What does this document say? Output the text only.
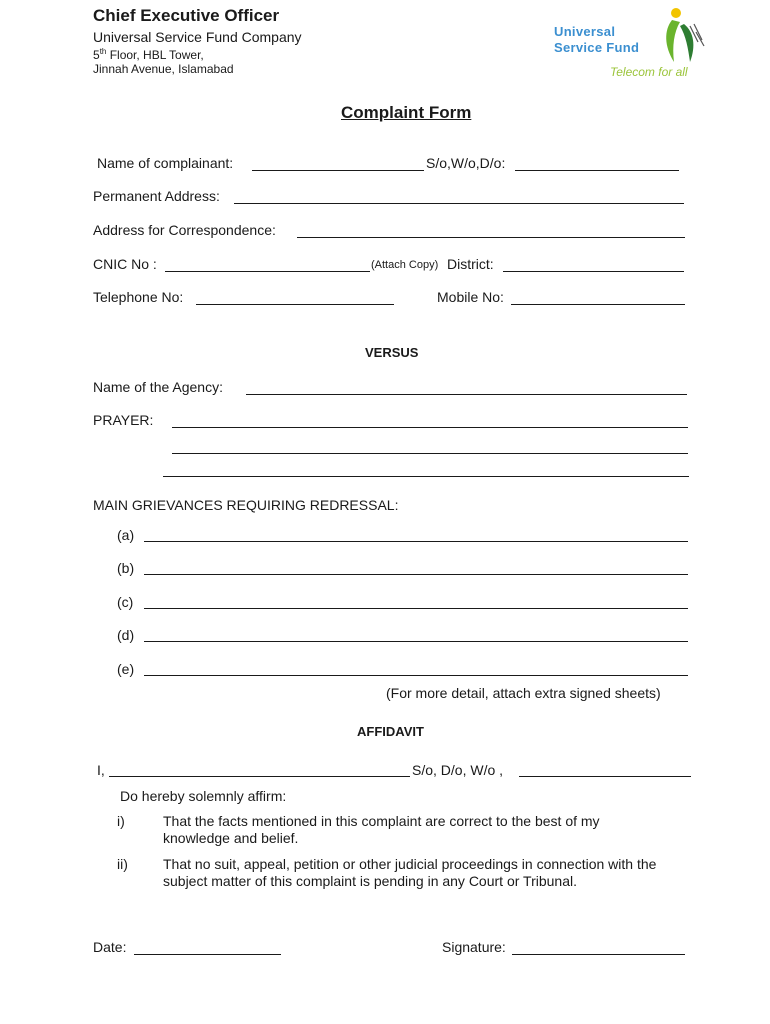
Chief Executive Officer
Universal Service Fund Company
5th Floor, HBL Tower,
Jinnah Avenue, Islamabad
Universal
Service Fund
Telecom for all
Complaint Form
Name of complainant:	S/o,W/o,D/o:
Permanent Address:
Address for Correspondence:
CNIC No :	(Attach Copy) District:
Telephone No:	Mobile No:
VERSUS
Name of the Agency:
PRAYER:
MAIN GRIEVANCES REQUIRING REDRESSAL:
(a)
(b)
(c)
(d)
(e)
(For more detail, attach extra signed sheets)
AFFIDAVIT
I,	S/o, D/o, W/o ,
Do hereby solemnly affirm:
i)	That the facts mentioned in this complaint are correct to the best of my knowledge and belief.
ii)	That no suit, appeal, petition or other judicial proceedings in connection with the subject matter of this complaint is pending in any Court or Tribunal.
Date:	Signature:
